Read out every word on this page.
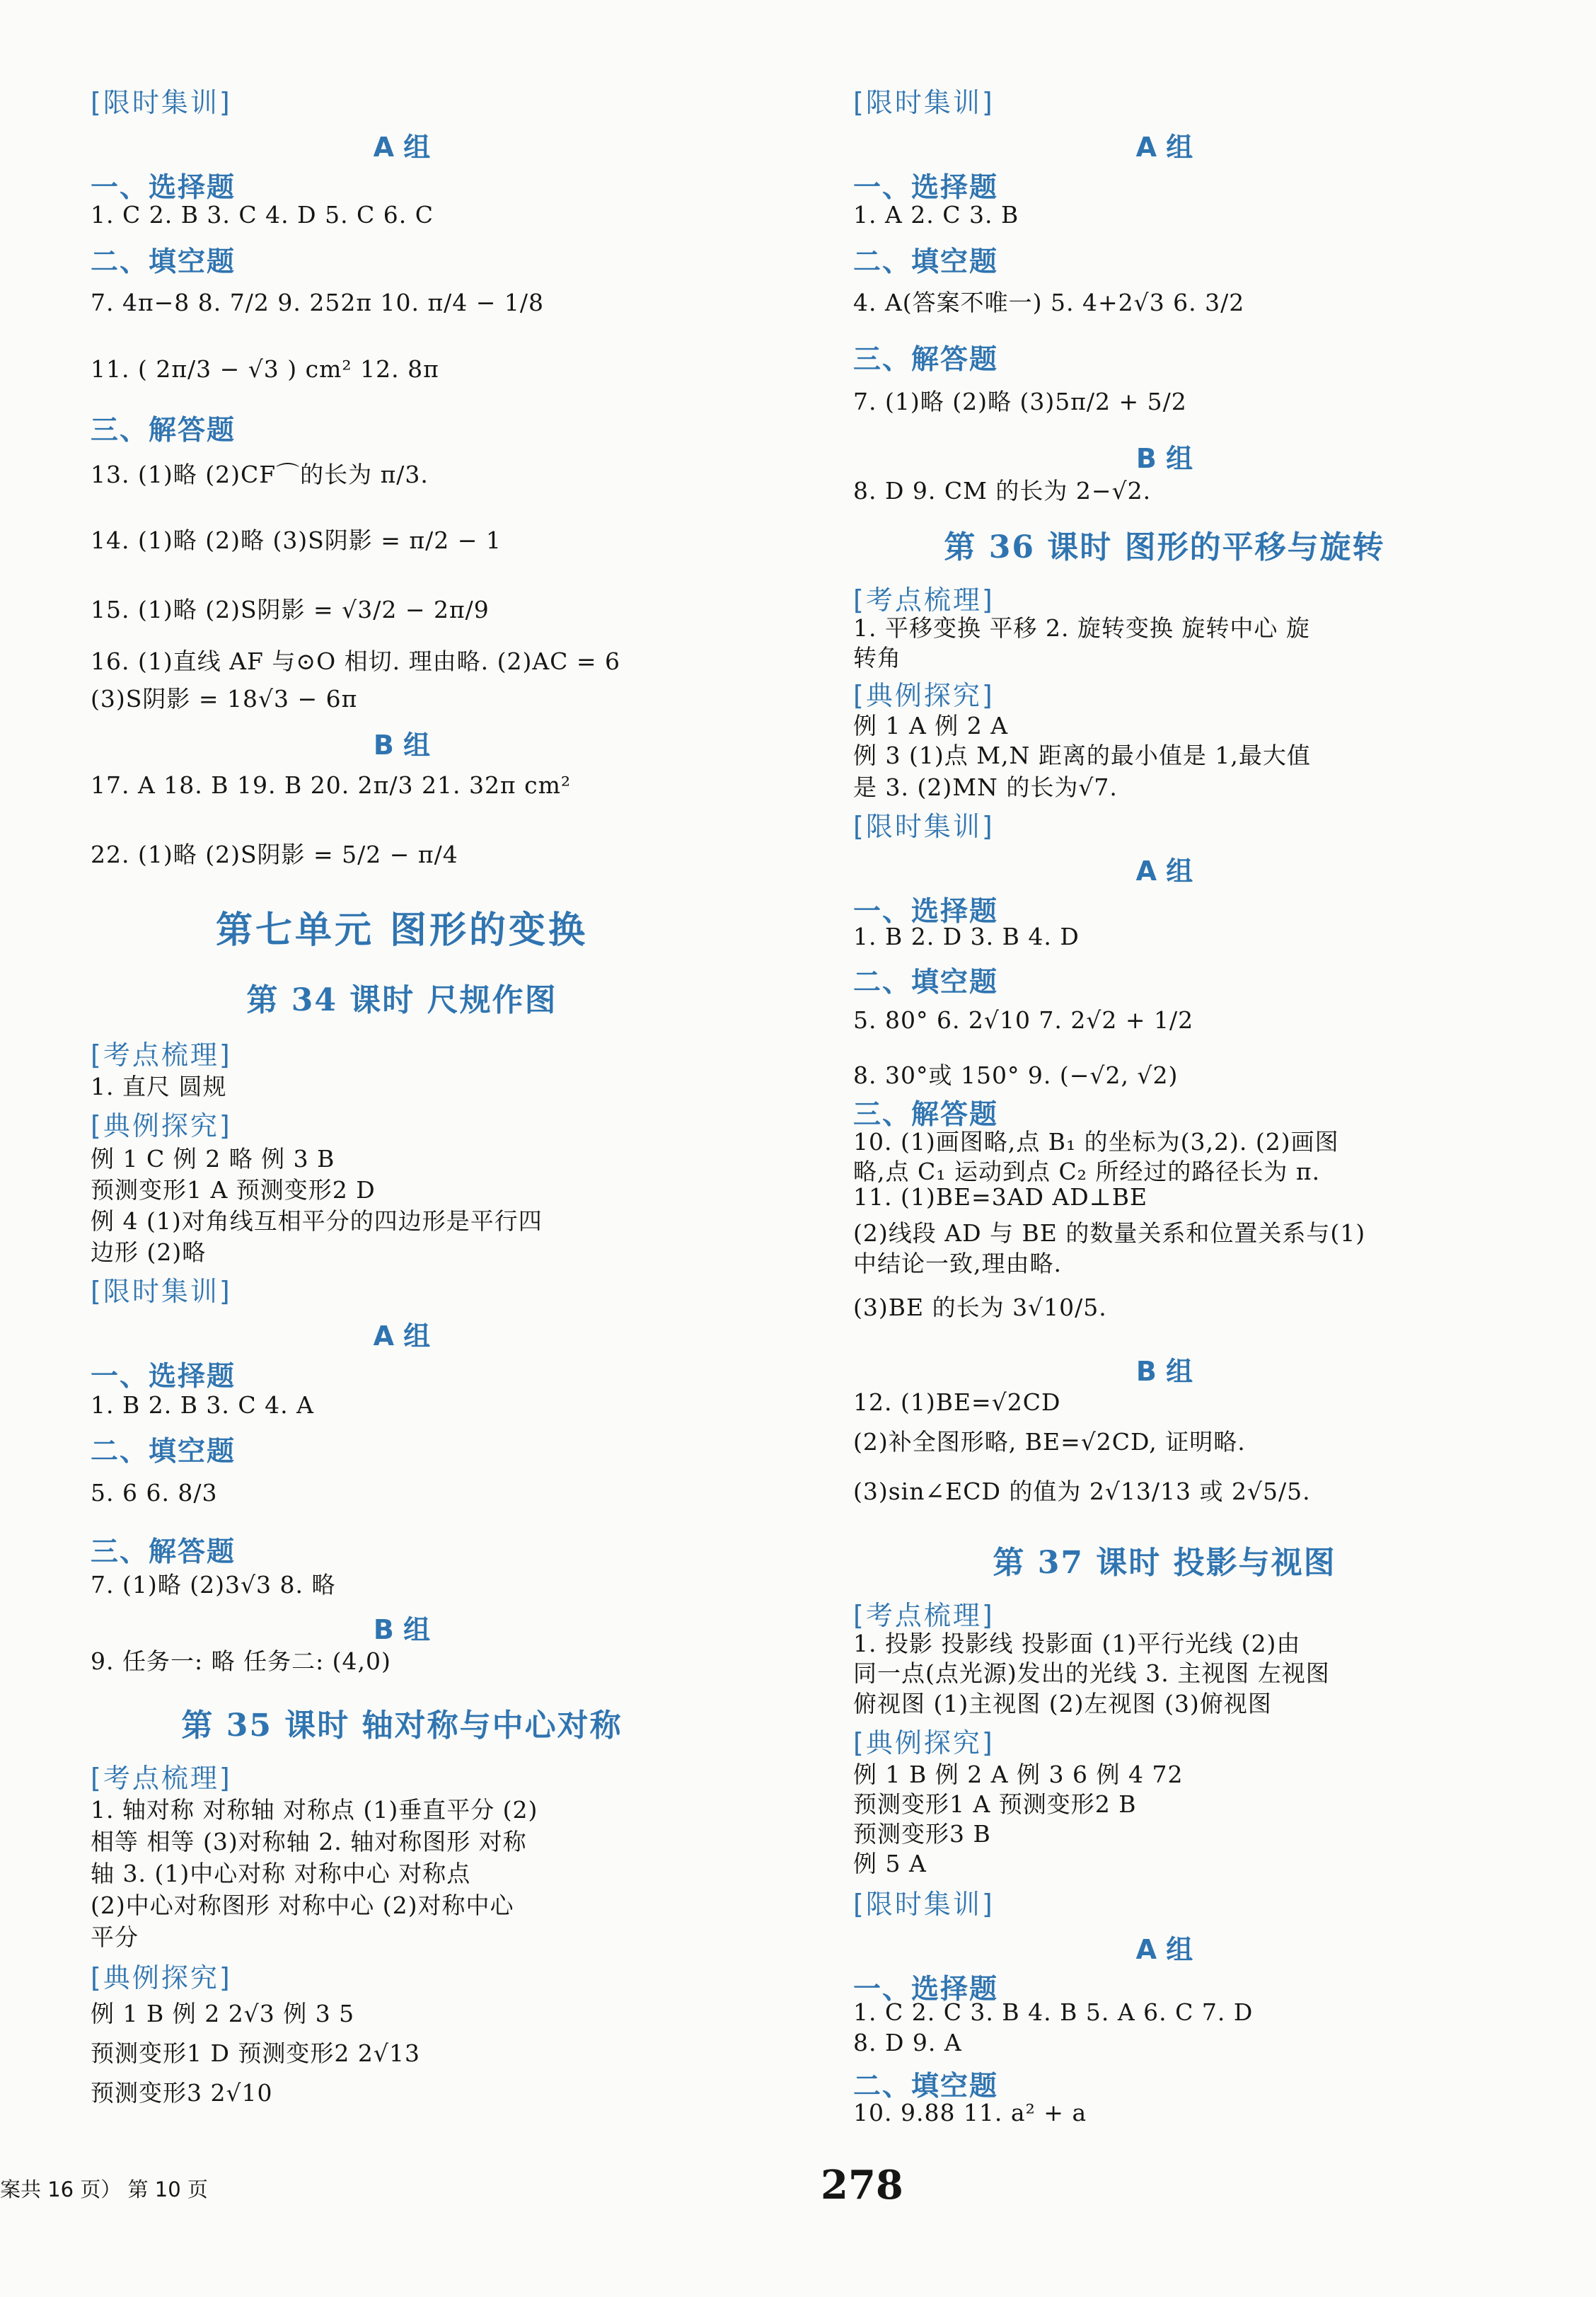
[限时集训]
A 组
一、选择题
1. C 2. B 3. C 4. D 5. C 6. C
二、填空题
7. 4π−8 8. 7/2 9. 252π 10. π/4 − 1/8
11. ( 2π/3 − √3 ) cm² 12. 8π
三、解答题
13. (1)略 (2)CF⌒的长为 π/3.
14. (1)略 (2)略 (3)S阴影 = π/2 − 1
15. (1)略 (2)S阴影 = √3/2 − 2π/9
16. (1)直线 AF 与⊙O 相切. 理由略. (2)AC = 6
(3)S阴影 = 18√3 − 6π
B 组
17. A 18. B 19. B 20. 2π/3 21. 32π cm²
22. (1)略 (2)S阴影 = 5/2 − π/4
第七单元 图形的变换
第 34 课时 尺规作图
[考点梳理]
1. 直尺 圆规
[典例探究]
例 1 C 例 2 略 例 3 B
预测变形1 A 预测变形2 D
例 4 (1)对角线互相平分的四边形是平行四
边形 (2)略
[限时集训]
A 组
一、选择题
1. B 2. B 3. C 4. A
二、填空题
5. 6 6. 8/3
三、解答题
7. (1)略 (2)3√3 8. 略
B 组
9. 任务一: 略 任务二: (4,0)
第 35 课时 轴对称与中心对称
[考点梳理]
1. 轴对称 对称轴 对称点 (1)垂直平分 (2)
相等 相等 (3)对称轴 2. 轴对称图形 对称
轴 3. (1)中心对称 对称中心 对称点
(2)中心对称图形 对称中心 (2)对称中心
平分
[典例探究]
例 1 B 例 2 2√3 例 3 5
预测变形1 D 预测变形2 2√13
预测变形3 2√10
[限时集训]
A 组
一、选择题
1. A 2. C 3. B
二、填空题
4. A(答案不唯一) 5. 4+2√3 6. 3/2
三、解答题
7. (1)略 (2)略 (3)5π/2 + 5/2
B 组
8. D 9. CM 的长为 2−√2.
第 36 课时 图形的平移与旋转
[考点梳理]
1. 平移变换 平移 2. 旋转变换 旋转中心 旋
转角
[典例探究]
例 1 A 例 2 A
例 3 (1)点 M,N 距离的最小值是 1,最大值
是 3. (2)MN 的长为√7.
[限时集训]
A 组
一、选择题
1. B 2. D 3. B 4. D
二、填空题
5. 80° 6. 2√10 7. 2√2 + 1/2
8. 30°或 150° 9. (−√2, √2)
三、解答题
10. (1)画图略,点 B₁ 的坐标为(3,2). (2)画图
略,点 C₁ 运动到点 C₂ 所经过的路径长为 π.
11. (1)BE=3AD AD⊥BE
(2)线段 AD 与 BE 的数量关系和位置关系与(1)
中结论一致,理由略.
(3)BE 的长为 3√10/5.
B 组
12. (1)BE=√2CD
(2)补全图形略, BE=√2CD, 证明略.
(3)sin∠ECD 的值为 2√13/13 或 2√5/5.
第 37 课时 投影与视图
[考点梳理]
1. 投影 投影线 投影面 (1)平行光线 (2)由
同一点(点光源)发出的光线 3. 主视图 左视图
俯视图 (1)主视图 (2)左视图 (3)俯视图
[典例探究]
例 1 B 例 2 A 例 3 6 例 4 72
预测变形1 A 预测变形2 B
预测变形3 B
例 5 A
[限时集训]
A 组
一、选择题
1. C 2. C 3. B 4. B 5. A 6. C 7. D
8. D 9. A
二、填空题
10. 9.88 11. a² + a
案共 16 页） 第 10 页	278
